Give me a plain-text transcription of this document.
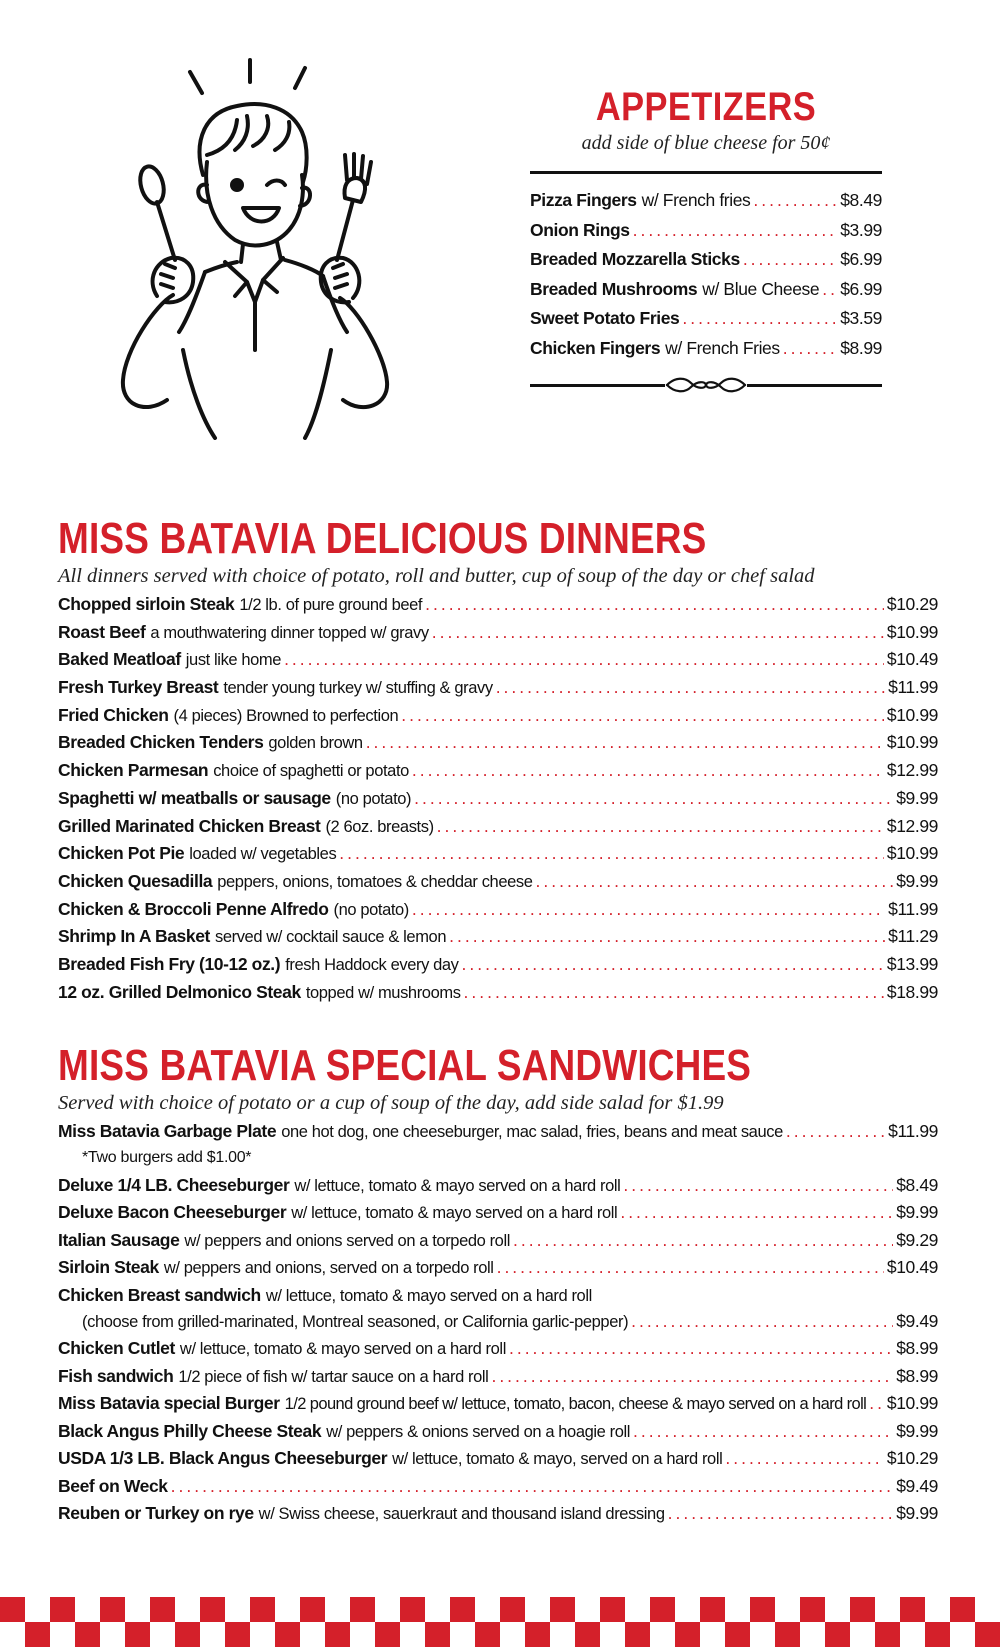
APPETIZERS
add side of blue cheese for 50¢
Pizza Fingers w/ French fries .....	$8.49
Onion Rings .....	$3.99
Breaded Mozzarella Sticks .....	$6.99
Breaded Mushrooms w/ Blue Cheese ..... $6.99
Sweet Potato Fries .....	$3.59
Chicken Fingers w/ French Fries .....	$8.99
MISS BATAVIA DELICIOUS DINNERS
All dinners served with choice of potato, roll and butter, cup of soup of the day or chef salad
Chopped sirloin Steak 1/2 lb. of pure ground beef .....	$10.29
Roast Beef a mouthwatering dinner topped w/ gravy .....	$10.99
Baked Meatloaf just like home .....	$10.49
Fresh Turkey Breast tender young turkey w/ stuffing & gravy .....	$11.99
Fried Chicken (4 pieces) Browned to perfection .....	$10.99
Breaded Chicken Tenders golden brown .....	$10.99
Chicken Parmesan choice of spaghetti or potato .....	$12.99
Spaghetti w/ meatballs or sausage (no potato) .....	$9.99
Grilled Marinated Chicken Breast (2 6oz. breasts) .....	$12.99
Chicken Pot Pie loaded w/ vegetables .....	$10.99
Chicken Quesadilla peppers, onions, tomatoes & cheddar cheese .....	$9.99
Chicken & Broccoli Penne Alfredo (no potato) .....	$11.99
Shrimp In A Basket served w/ cocktail sauce & lemon .....	$11.29
Breaded Fish Fry (10-12 oz.) fresh Haddock every day .....	$13.99
12 oz. Grilled Delmonico Steak topped w/ mushrooms .....	$18.99
MISS BATAVIA SPECIAL SANDWICHES
Served with choice of potato or a cup of soup of the day, add side salad for $1.99
Miss Batavia Garbage Plate one hot dog, one cheeseburger, mac salad, fries, beans and meat sauce .....	$11.99
*Two burgers add $1.00*
Deluxe 1/4 LB. Cheeseburger w/ lettuce, tomato & mayo served on a hard roll .....	$8.49
Deluxe Bacon Cheeseburger w/ lettuce, tomato & mayo served on a hard roll .....	$9.99
Italian Sausage w/ peppers and onions served on a torpedo roll .....	$9.29
Sirloin Steak w/ peppers and onions, served on a torpedo roll .....	$10.49
Chicken Breast sandwich w/ lettuce, tomato & mayo served on a hard roll
(choose from grilled-marinated, Montreal seasoned, or California garlic-pepper) .....	$9.49
Chicken Cutlet w/ lettuce, tomato & mayo served on a hard roll .....	$8.99
Fish sandwich 1/2 piece of fish w/ tartar sauce on a hard roll .....	$8.99
Miss Batavia special Burger 1/2 pound ground beef w/ lettuce, tomato, bacon, cheese & mayo served on a hard roll ..... $10.99
Black Angus Philly Cheese Steak w/ peppers & onions served on a hoagie roll .....	$9.99
USDA 1/3 LB. Black Angus Cheeseburger w/ lettuce, tomato & mayo, served on a hard roll .....	$10.29
Beef on Weck .....	$9.49
Reuben or Turkey on rye w/ Swiss cheese, sauerkraut and thousand island dressing .....	$9.99
